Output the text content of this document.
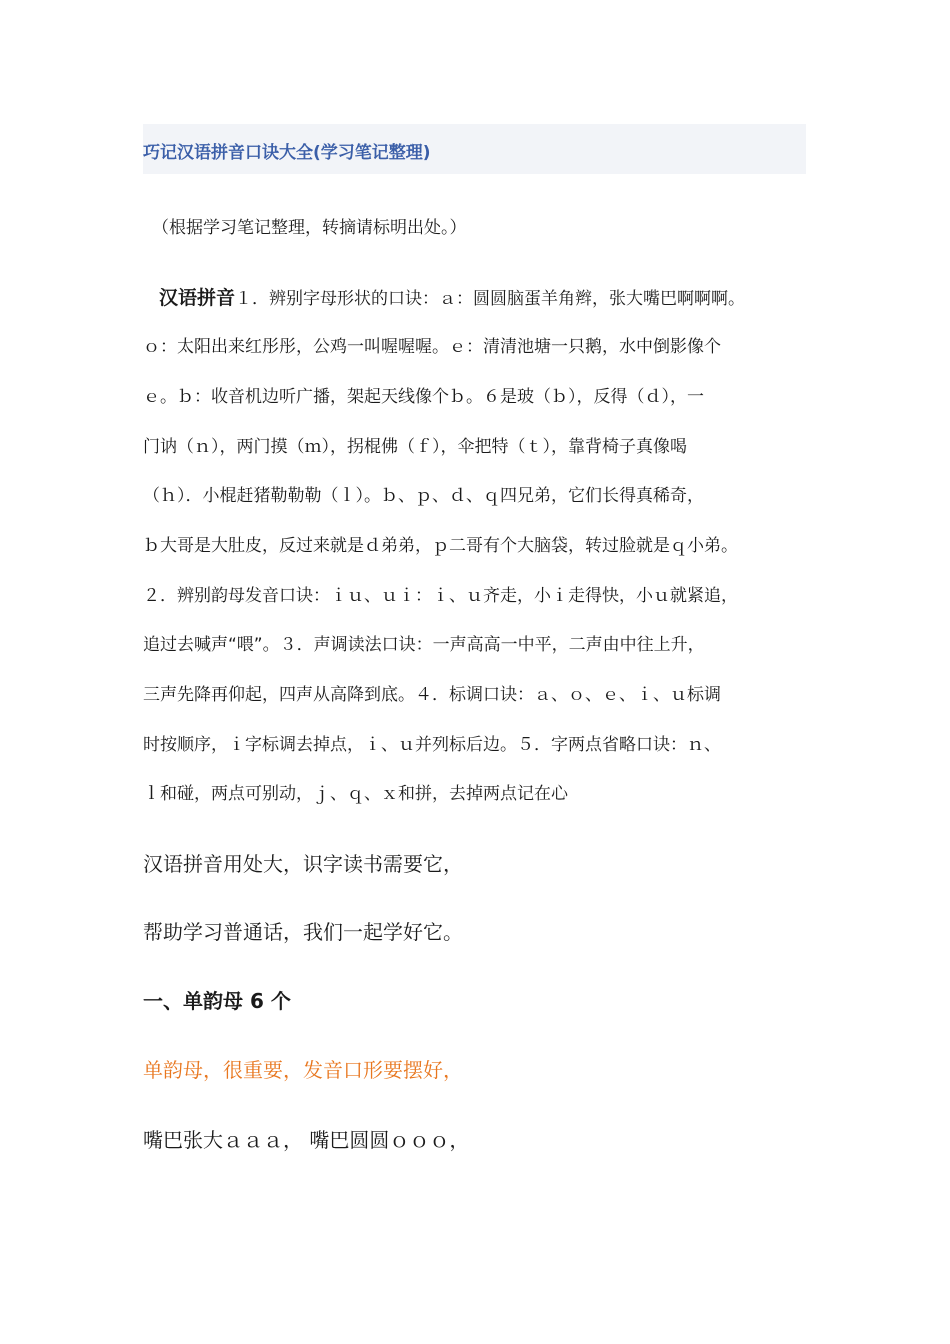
巧记汉语拼音口诀大全(学习笔记整理)
（根据学习笔记整理，转摘请标明出处。）
汉语拼音１．辨别字母形状的口诀：ａ：圆圆脑蛋羊角辫，张大嘴巴啊啊啊。
ｏ：太阳出来红彤彤，公鸡一叫喔喔喔。ｅ：清清池塘一只鹅，水中倒影像个
ｅ。ｂ：收音机边听广播，架起天线像个ｂ。６是玻（ｂ），反得（ｄ），一
门讷（ｎ），两门摸（ｍ），拐棍佛（ｆ），伞把特（ｔ），靠背椅子真像喝
（ｈ）．小棍赶猪勒勒勒（ｌ）。ｂ、ｐ、ｄ、ｑ四兄弟，它们长得真稀奇，
ｂ大哥是大肚皮，反过来就是ｄ弟弟，ｐ二哥有个大脑袋，转过脸就是ｑ小弟。
２．辨别韵母发音口诀：ｉｕ、ｕｉ：ｉ、ｕ齐走，小ｉ走得快，小ｕ就紧追，
追过去喊声“喂”。３．声调读法口诀：一声高高一中平，二声由中往上升，
三声先降再仰起，四声从高降到底。４．标调口诀：ａ、ｏ、ｅ、ｉ、ｕ标调
时按顺序，ｉ字标调去掉点，ｉ、ｕ并列标后边。５．字两点省略口诀：ｎ、
ｌ和碰，两点可别动，ｊ、ｑ、ｘ和拼，去掉两点记在心
汉语拼音用处大，识字读书需要它，
帮助学习普通话，我们一起学好它。
一、单韵母 6 个
单韵母，很重要，发音口形要摆好，
嘴巴张大ａａａ， 嘴巴圆圆ｏｏｏ，
